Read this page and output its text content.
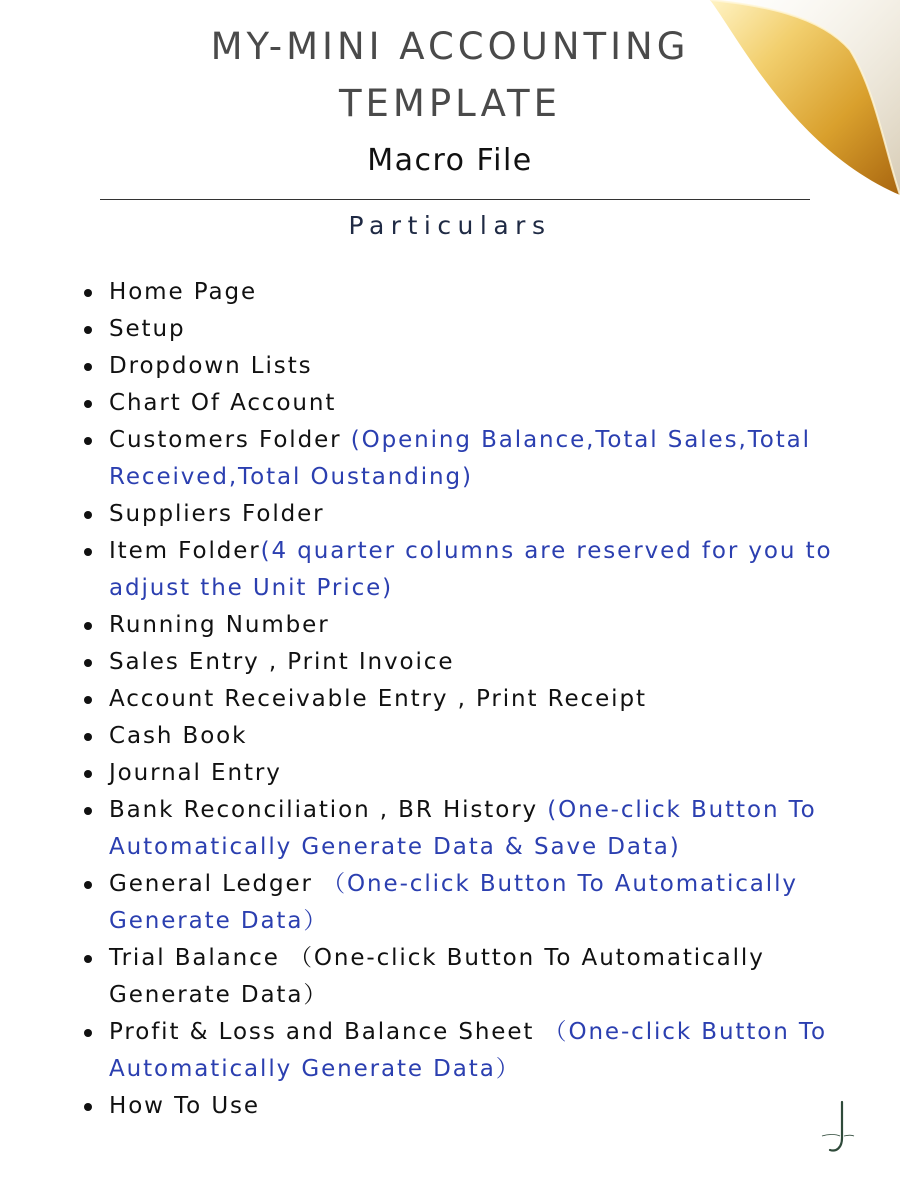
MY-MINI ACCOUNTING
TEMPLATE
Macro File
Particulars
Home Page
Setup
Dropdown Lists
Chart Of Account
Customers Folder (Opening Balance,Total Sales,Total Received,Total Oustanding)
Suppliers Folder
Item Folder(4 quarter columns are reserved for you to adjust the Unit Price)
Running Number
Sales Entry , Print Invoice
Account Receivable Entry , Print Receipt
Cash Book
Journal Entry
Bank Reconciliation , BR History (One-click Button To Automatically Generate Data & Save Data)
General Ledger （One-click Button To Automatically Generate Data）
Trial Balance （One-click Button To Automatically Generate Data）
Profit & Loss and Balance Sheet （One-click Button To Automatically Generate Data）
How To Use
